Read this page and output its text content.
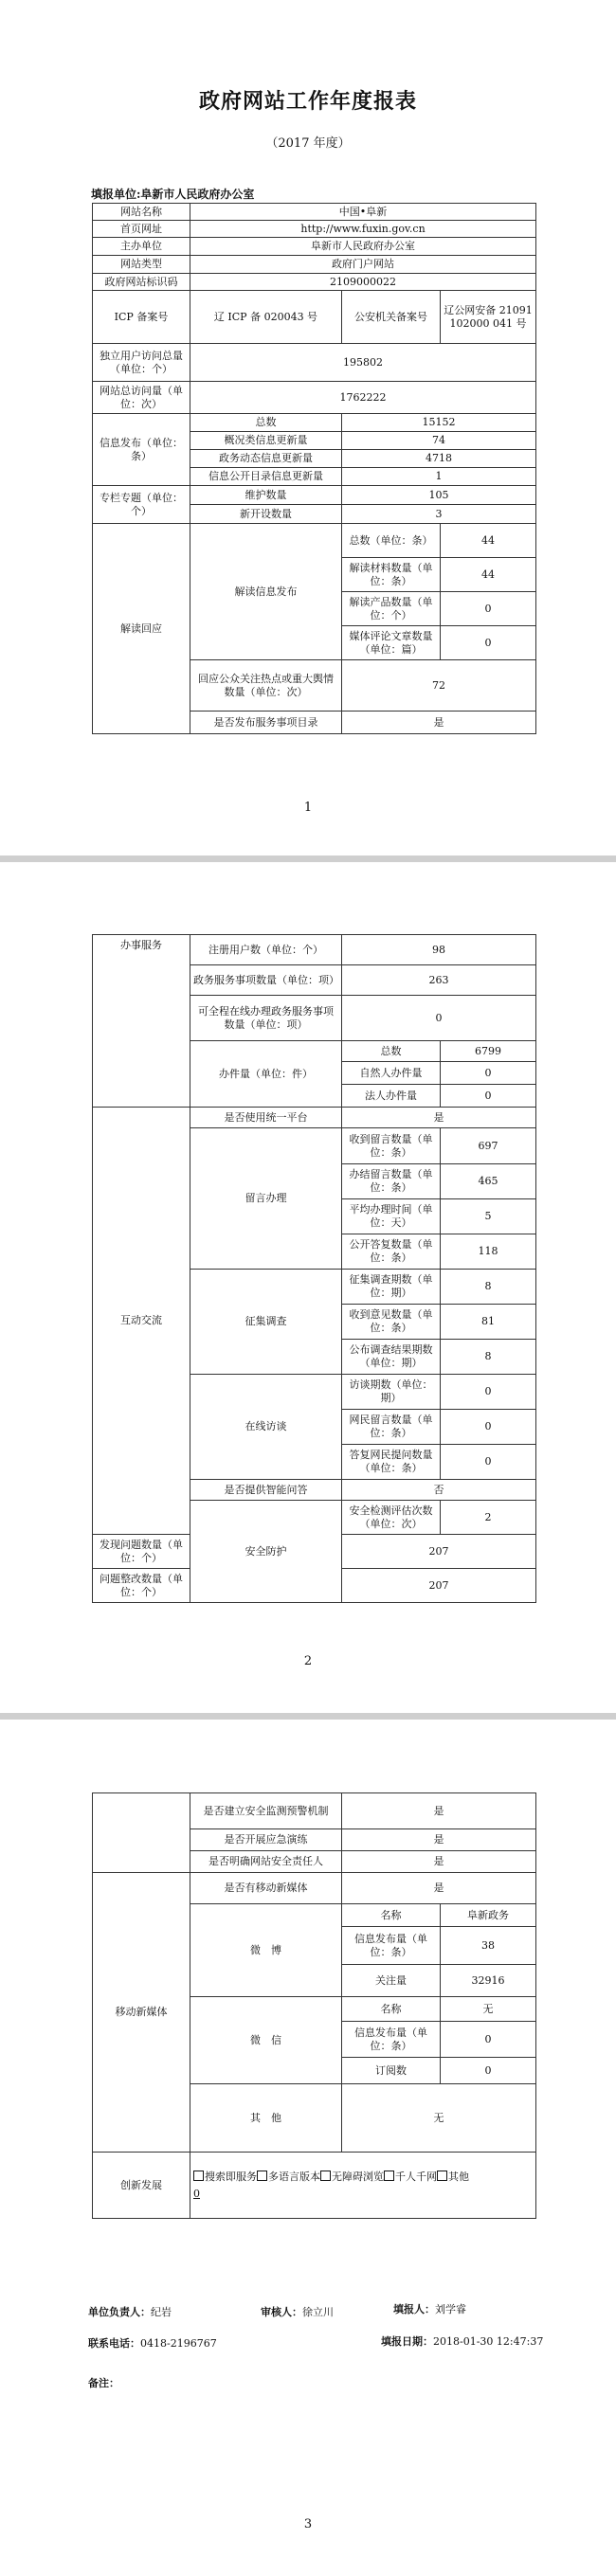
政府网站工作年度报表
（2017 年度）
填报单位:阜新市人民政府办公室
网站名称	中国•阜新		
首页网址	http://www.fuxin.gov.cn		
主办单位	阜新市人民政府办公室		
网站类型	政府门户网站		
政府网站标识码	2109000022		
ICP 备案号	辽 ICP 备 020043 号	公安机关备案号	辽公网安备 21091102000 041 号
独立用户访问总量（单位：个）	195802		
网站总访问量（单位：次）	1762222		
信息发布（单位：条）	总数	15152	
	概况类信息更新量	74	
	政务动态信息更新量	4718	
	信息公开目录信息更新量	1	
专栏专题（单位：个）	维护数量	105	
	新开设数量	3	
解读回应	解读信息发布	总数（单位：条）	44
		解读材料数量（单位：条）	44
		解读产品数量（单位：个）	0
		媒体评论文章数量（单位：篇）	0
	回应公众关注热点或重大舆情数量（单位：次）	72	
	是否发布服务事项目录	是	
1
办事服务	注册用户数（单位：个）	98	
	政务服务事项数量（单位：项）	263	
	可全程在线办理政务服务事项数量（单位：项）	0	
	办件量（单位：件）	总数	6799
		自然人办件量	0
		法人办件量	0
互动交流	是否使用统一平台	是	
	留言办理	收到留言数量（单位：条）	697
		办结留言数量（单位：条）	465
		平均办理时间（单位：天）	5
		公开答复数量（单位：条）	118
	征集调查	征集调查期数（单位：期）	8
		收到意见数量（单位：条）	81
		公布调查结果期数（单位：期）	8
	在线访谈	访谈期数（单位：期）	0
		网民留言数量（单位：条）	0
		答复网民提问数量（单位：条）	0
	是否提供智能问答	否	
	安全防护	安全检测评估次数（单位：次）	2
发现问题数量（单位：个）		207	
问题整改数量（单位：个）		207	
2
	是否建立安全监测预警机制	是	
	是否开展应急演练	是	
	是否明确网站安全责任人	是	
移动新媒体	是否有移动新媒体	是	
	微　博	名称	阜新政务
		信息发布量（单位：条）	38
		关注量	32916
	微　信	名称	无
		信息发布量（单位：条）	0
		订阅数	0
	其　他	无	
创新发展	搜索即服务 多语言版本 无障碍浏览 千人千网 其他
0		
单位负责人：纪岩	审核人：徐立川	填报人：刘学睿
联系电话：0418-2196767	填报日期：2018-01-30 12:47:37
备注：
3
